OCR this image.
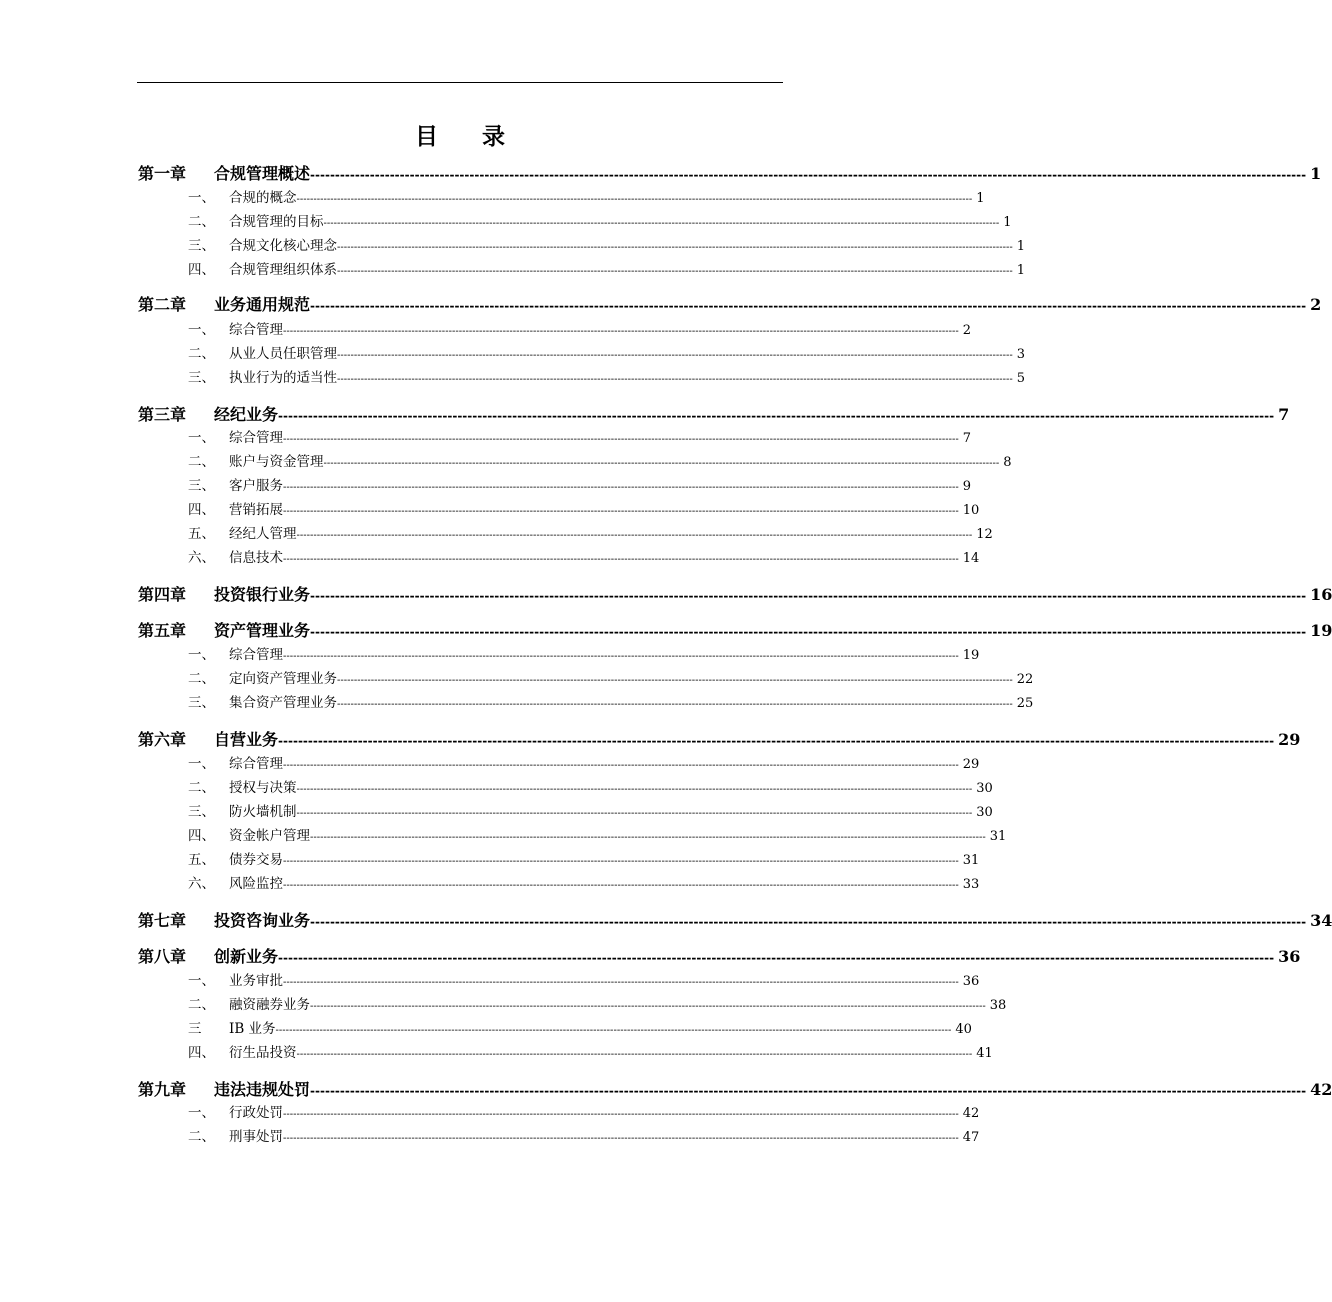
目 录
第一章	合规管理概述 -------------------------------------------------------------------------------------------------------------------------------------------------------------------------------------------------------- 1
一、	合规的概念 -------------------------------------------------------------------------------------------------------------------------------------------------------------------------------------------------------- 1
二、	合规管理的目标 -------------------------------------------------------------------------------------------------------------------------------------------------------------------------------------------------------- 1
三、	合规文化核心理念 -------------------------------------------------------------------------------------------------------------------------------------------------------------------------------------------------------- 1
四、	合规管理组织体系 -------------------------------------------------------------------------------------------------------------------------------------------------------------------------------------------------------- 1
第二章	业务通用规范 -------------------------------------------------------------------------------------------------------------------------------------------------------------------------------------------------------- 2
一、	综合管理 -------------------------------------------------------------------------------------------------------------------------------------------------------------------------------------------------------- 2
二、	从业人员任职管理 -------------------------------------------------------------------------------------------------------------------------------------------------------------------------------------------------------- 3
三、	执业行为的适当性 -------------------------------------------------------------------------------------------------------------------------------------------------------------------------------------------------------- 5
第三章	经纪业务 -------------------------------------------------------------------------------------------------------------------------------------------------------------------------------------------------------- 7
一、	综合管理 -------------------------------------------------------------------------------------------------------------------------------------------------------------------------------------------------------- 7
二、	账户与资金管理 -------------------------------------------------------------------------------------------------------------------------------------------------------------------------------------------------------- 8
三、	客户服务 -------------------------------------------------------------------------------------------------------------------------------------------------------------------------------------------------------- 9
四、	营销拓展 -------------------------------------------------------------------------------------------------------------------------------------------------------------------------------------------------------- 10
五、	经纪人管理 -------------------------------------------------------------------------------------------------------------------------------------------------------------------------------------------------------- 12
六、	信息技术 -------------------------------------------------------------------------------------------------------------------------------------------------------------------------------------------------------- 14
第四章	投资银行业务 -------------------------------------------------------------------------------------------------------------------------------------------------------------------------------------------------------- 16
第五章	资产管理业务 -------------------------------------------------------------------------------------------------------------------------------------------------------------------------------------------------------- 19
一、	综合管理 -------------------------------------------------------------------------------------------------------------------------------------------------------------------------------------------------------- 19
二、	定向资产管理业务 -------------------------------------------------------------------------------------------------------------------------------------------------------------------------------------------------------- 22
三、	集合资产管理业务 -------------------------------------------------------------------------------------------------------------------------------------------------------------------------------------------------------- 25
第六章	自营业务 -------------------------------------------------------------------------------------------------------------------------------------------------------------------------------------------------------- 29
一、	综合管理 -------------------------------------------------------------------------------------------------------------------------------------------------------------------------------------------------------- 29
二、	授权与决策 -------------------------------------------------------------------------------------------------------------------------------------------------------------------------------------------------------- 30
三、	防火墙机制 -------------------------------------------------------------------------------------------------------------------------------------------------------------------------------------------------------- 30
四、	资金帐户管理 -------------------------------------------------------------------------------------------------------------------------------------------------------------------------------------------------------- 31
五、	债券交易 -------------------------------------------------------------------------------------------------------------------------------------------------------------------------------------------------------- 31
六、	风险监控 -------------------------------------------------------------------------------------------------------------------------------------------------------------------------------------------------------- 33
第七章	投资咨询业务 -------------------------------------------------------------------------------------------------------------------------------------------------------------------------------------------------------- 34
第八章	创新业务 -------------------------------------------------------------------------------------------------------------------------------------------------------------------------------------------------------- 36
一、	业务审批 -------------------------------------------------------------------------------------------------------------------------------------------------------------------------------------------------------- 36
二、	融资融券业务 -------------------------------------------------------------------------------------------------------------------------------------------------------------------------------------------------------- 38
三	IB 业务 -------------------------------------------------------------------------------------------------------------------------------------------------------------------------------------------------------- 40
四、	衍生品投资 -------------------------------------------------------------------------------------------------------------------------------------------------------------------------------------------------------- 41
第九章	违法违规处罚 -------------------------------------------------------------------------------------------------------------------------------------------------------------------------------------------------------- 42
一、	行政处罚 -------------------------------------------------------------------------------------------------------------------------------------------------------------------------------------------------------- 42
二、	刑事处罚 -------------------------------------------------------------------------------------------------------------------------------------------------------------------------------------------------------- 47
